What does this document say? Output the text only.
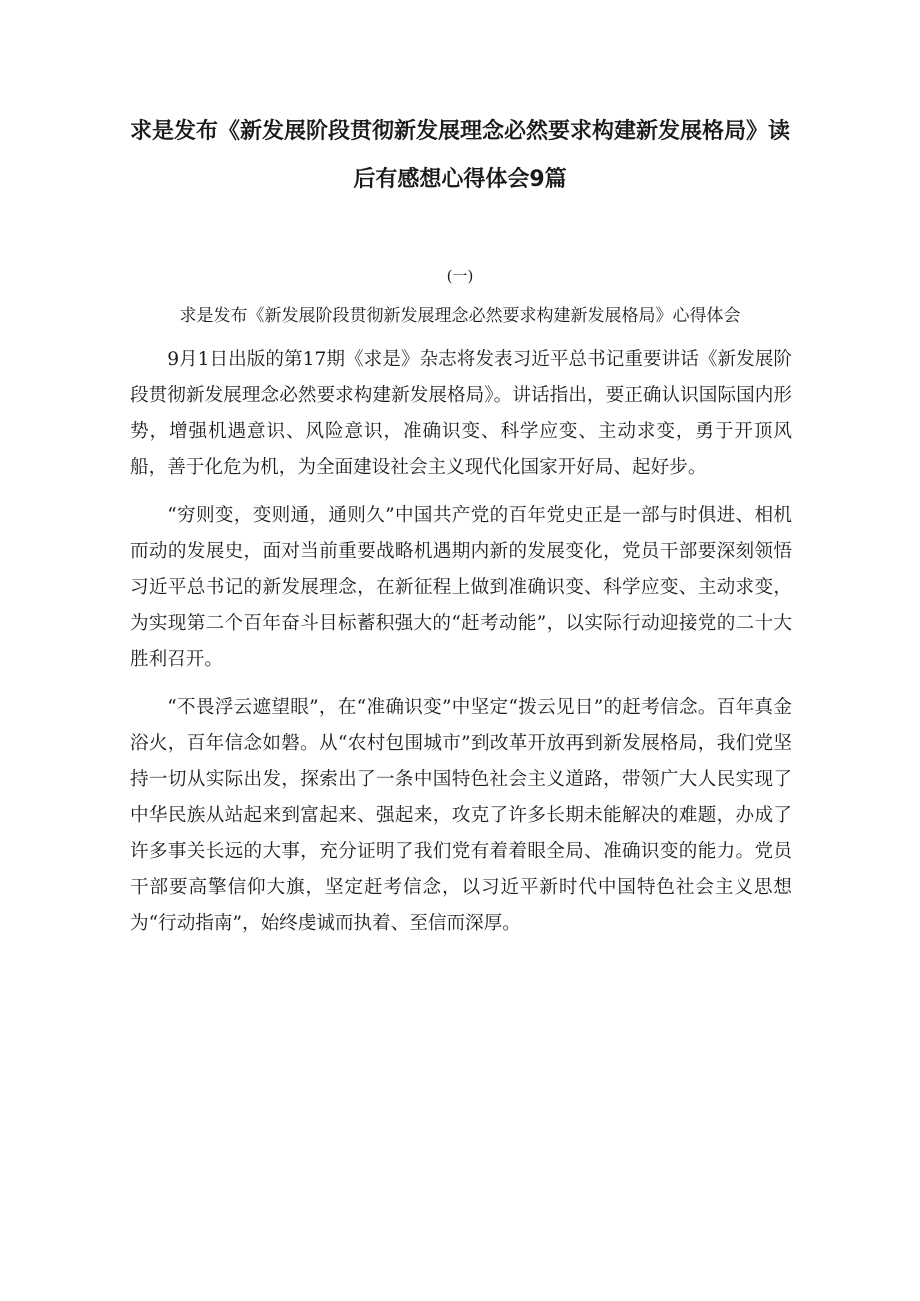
求是发布《新发展阶段贯彻新发展理念必然要求构建新发展格局》读
后有感想心得体会9篇
(一)
求是发布《新发展阶段贯彻新发展理念必然要求构建新发展格局》心得体会

9月1日出版的第17期《求是》杂志将发表习近平总书记重要讲话《新发展阶段贯彻新发展理念必然要求构建新发展格局》。讲话指出，要正确认识国际国内形势，增强机遇意识、风险意识，准确识变、科学应变、主动求变，勇于开顶风船，善于化危为机，为全面建设社会主义现代化国家开好局、起好步。

“穷则变，变则通，通则久”中国共产党的百年党史正是一部与时俱进、相机而动的发展史，面对当前重要战略机遇期内新的发展变化，党员干部要深刻领悟习近平总书记的新发展理念，在新征程上做到准确识变、科学应变、主动求变，为实现第二个百年奋斗目标蓄积强大的“赶考动能”，以实际行动迎接党的二十大胜利召开。

“不畏浮云遮望眼”，在“准确识变”中坚定“拨云见日”的赶考信念。百年真金浴火，百年信念如磐。从“农村包围城市”到改革开放再到新发展格局，我们党坚持一切从实际出发，探索出了一条中国特色社会主义道路，带领广大人民实现了中华民族从站起来到富起来、强起来，攻克了许多长期未能解决的难题，办成了许多事关长远的大事，充分证明了我们党有着着眼全局、准确识变的能力。党员干部要高擎信仰大旗，坚定赶考信念，以习近平新时代中国特色社会主义思想为“行动指南”，始终虔诚而执着、至信而深厚。
